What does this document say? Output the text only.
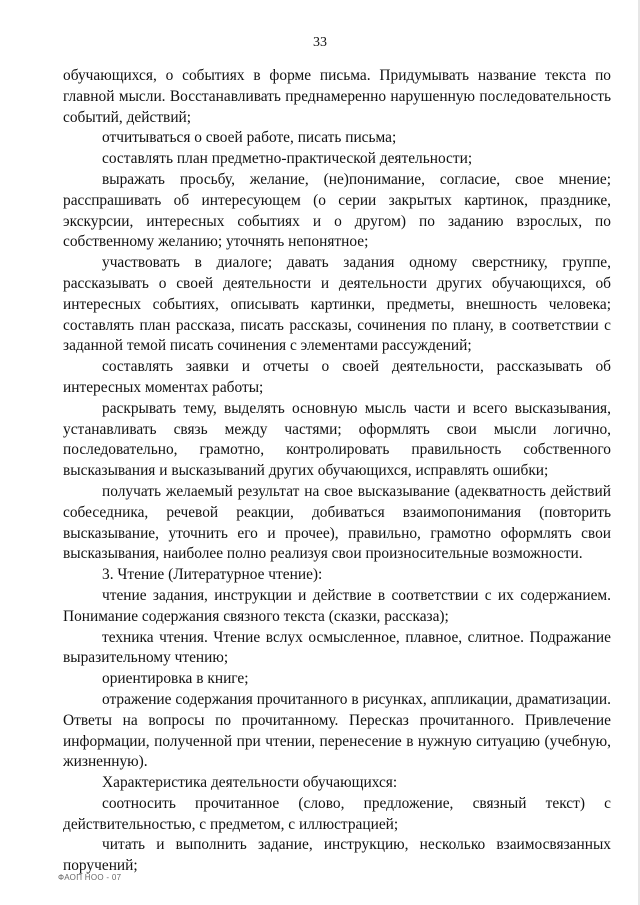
33

обучающихся, о событиях в форме письма. Придумывать название текста по главной мысли. Восстанавливать преднамеренно нарушенную последовательность событий, действий;

отчитываться о своей работе, писать письма;

составлять план предметно-практической деятельности;

выражать просьбу, желание, (не)понимание, согласие, свое мнение; расспрашивать об интересующем (о серии закрытых картинок, празднике, экскурсии, интересных событиях и о другом) по заданию взрослых, по собственному желанию; уточнять непонятное;

участвовать в диалоге; давать задания одному сверстнику, группе, рассказывать о своей деятельности и деятельности других обучающихся, об интересных событиях, описывать картинки, предметы, внешность человека; составлять план рассказа, писать рассказы, сочинения по плану, в соответствии с заданной темой писать сочинения с элементами рассуждений;

составлять заявки и отчеты о своей деятельности, рассказывать об интересных моментах работы;

раскрывать тему, выделять основную мысль части и всего высказывания, устанавливать связь между частями; оформлять свои мысли логично, последовательно, грамотно, контролировать правильность собственного высказывания и высказываний других обучающихся, исправлять ошибки;

получать желаемый результат на свое высказывание (адекватность действий собеседника, речевой реакции, добиваться взаимопонимания (повторить высказывание, уточнить его и прочее), правильно, грамотно оформлять свои высказывания, наиболее полно реализуя свои произносительные возможности.

3. Чтение (Литературное чтение):

чтение задания, инструкции и действие в соответствии с их содержанием. Понимание содержания связного текста (сказки, рассказа);

техника чтения. Чтение вслух осмысленное, плавное, слитное. Подражание выразительному чтению;

ориентировка в книге;

отражение содержания прочитанного в рисунках, аппликации, драматизации. Ответы на вопросы по прочитанному. Пересказ прочитанного. Привлечение информации, полученной при чтении, перенесение в нужную ситуацию (учебную, жизненную).

Характеристика деятельности обучающихся:

соотносить прочитанное (слово, предложение, связный текст) с действительностью, с предметом, с иллюстрацией;

читать и выполнить задание, инструкцию, несколько взаимосвязанных поручений;

ФАОП НОО - 07
